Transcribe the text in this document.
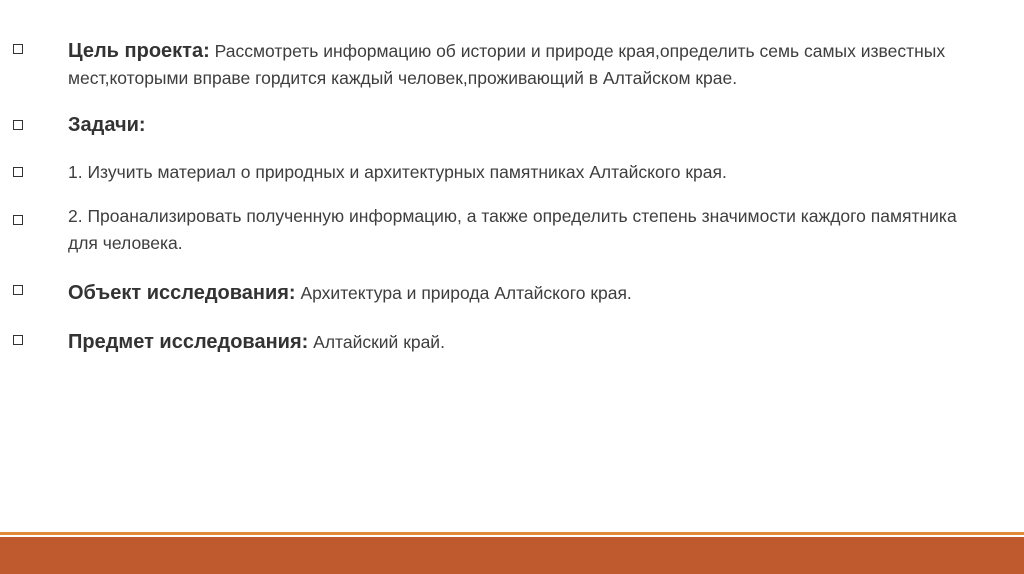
Цель проекта: Рассмотреть информацию об истории и природе края,определить семь самых известных мест,которыми вправе гордится каждый человек,проживающий в Алтайском крае.
Задачи:
1. Изучить материал о природных и архитектурных памятниках Алтайского края.
2. Проанализировать полученную информацию, а также определить степень значимости каждого памятника для человека.
Объект исследования: Архитектура и природа Алтайского края.
Предмет исследования: Алтайский край.
